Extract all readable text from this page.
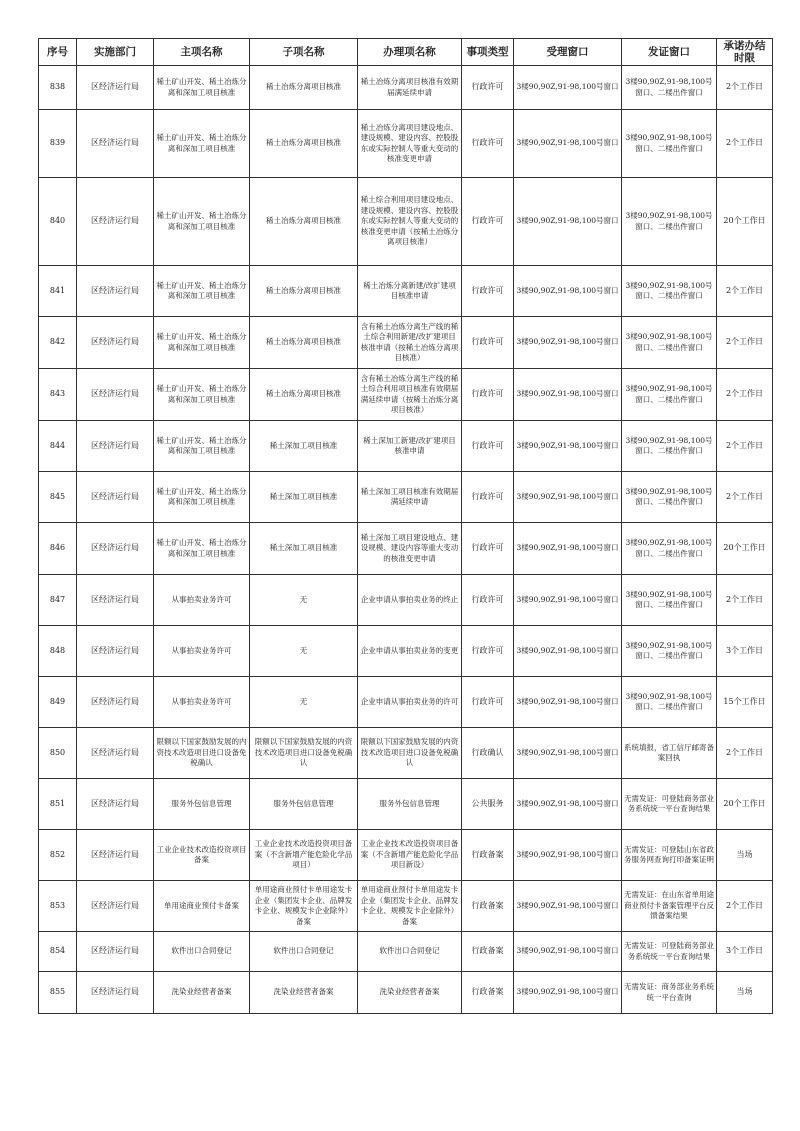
序号	实施部门	主项名称	子项名称	办理项名称	事项类型	受理窗口	发证窗口	承诺办结时限
838	区经济运行局	稀土矿山开发、稀土冶炼分离和深加工项目核准	稀土冶炼分离项目核准	稀土冶炼分离项目核准有效期届满延续申请	行政许可	3楼90,90Z,91-98,100号窗口	3楼90,90Z,91-98,100号窗口、二楼出件窗口	2个工作日
839	区经济运行局	稀土矿山开发、稀土冶炼分离和深加工项目核准	稀土冶炼分离项目核准	稀土冶炼分离项目建设地点、建设规模、建设内容、控股股东或实际控制人等重大变动的核准变更申请	行政许可	3楼90,90Z,91-98,100号窗口	3楼90,90Z,91-98,100号窗口、二楼出件窗口	2个工作日
840	区经济运行局	稀土矿山开发、稀土冶炼分离和深加工项目核准	稀土冶炼分离项目核准	稀土综合利用项目建设地点、建设规模、建设内容、控股股东或实际控制人等重大变动的核准变更申请（按稀土冶炼分离项目核准）	行政许可	3楼90,90Z,91-98,100号窗口	3楼90,90Z,91-98,100号窗口、二楼出件窗口	20个工作日
841	区经济运行局	稀土矿山开发、稀土冶炼分离和深加工项目核准	稀土冶炼分离项目核准	稀土冶炼分离新建/改扩建项目核准申请	行政许可	3楼90,90Z,91-98,100号窗口	3楼90,90Z,91-98,100号窗口、二楼出件窗口	2个工作日
842	区经济运行局	稀土矿山开发、稀土冶炼分离和深加工项目核准	稀土冶炼分离项目核准	含有稀土冶炼分离生产线的稀土综合利用新建/改扩建项目核准申请（按稀土冶炼分离项目核准）	行政许可	3楼90,90Z,91-98,100号窗口	3楼90,90Z,91-98,100号窗口、二楼出件窗口	2个工作日
843	区经济运行局	稀土矿山开发、稀土冶炼分离和深加工项目核准	稀土冶炼分离项目核准	含有稀土冶炼分离生产线的稀土综合利用项目核准有效期届满延续申请（按稀土冶炼分离项目核准）	行政许可	3楼90,90Z,91-98,100号窗口	3楼90,90Z,91-98,100号窗口、二楼出件窗口	2个工作日
844	区经济运行局	稀土矿山开发、稀土冶炼分离和深加工项目核准	稀土深加工项目核准	稀土深加工新建/改扩建项目核准申请	行政许可	3楼90,90Z,91-98,100号窗口	3楼90,90Z,91-98,100号窗口、二楼出件窗口	2个工作日
845	区经济运行局	稀土矿山开发、稀土冶炼分离和深加工项目核准	稀土深加工项目核准	稀土深加工项目核准有效期届满延续申请	行政许可	3楼90,90Z,91-98,100号窗口	3楼90,90Z,91-98,100号窗口、二楼出件窗口	2个工作日
846	区经济运行局	稀土矿山开发、稀土冶炼分离和深加工项目核准	稀土深加工项目核准	稀土深加工项目建设地点、建设规模、建设内容等重大变动的核准变更申请	行政许可	3楼90,90Z,91-98,100号窗口	3楼90,90Z,91-98,100号窗口、二楼出件窗口	20个工作日
847	区经济运行局	从事拍卖业务许可	无	企业申请从事拍卖业务的终止	行政许可	3楼90,90Z,91-98,100号窗口	3楼90,90Z,91-98,100号窗口、二楼出件窗口	2个工作日
848	区经济运行局	从事拍卖业务许可	无	企业申请从事拍卖业务的变更	行政许可	3楼90,90Z,91-98,100号窗口	3楼90,90Z,91-98,100号窗口、二楼出件窗口	3个工作日
849	区经济运行局	从事拍卖业务许可	无	企业申请从事拍卖业务的许可	行政许可	3楼90,90Z,91-98,100号窗口	3楼90,90Z,91-98,100号窗口、二楼出件窗口	15个工作日
850	区经济运行局	限额以下国家鼓励发展的内资技术改造项目进口设备免税确认	限额以下国家鼓励发展的内资技术改造项目进口设备免税确认	限额以下国家鼓励发展的内资技术改造项目进口设备免税确认	行政确认	3楼90,90Z,91-98,100号窗口	系统填报，省工信厅邮寄备案回执	2个工作日
851	区经济运行局	服务外包信息管理	服务外包信息管理	服务外包信息管理	公共服务	3楼90,90Z,91-98,100号窗口	无需发证：可登陆商务部业务系统统一平台查询结果	20个工作日
852	区经济运行局	工业企业技术改造投资项目备案	工业企业技术改造投资项目备案（不含新增产能危险化学品项目）	工业企业技术改造投资项目备案（不含新增产能危险化学品项目新设）	行政备案	3楼90,90Z,91-98,100号窗口	无需发证：可登陆山东省政务服务网查询打印备案证明	当场
853	区经济运行局	单用途商业预付卡备案	单用途商业预付卡单用途发卡企业（集团发卡企业、品牌发卡企业、规模发卡企业除外）备案	单用途商业预付卡单用途发卡企业（集团发卡企业、品牌发卡企业、规模发卡企业除外）备案	行政备案	3楼90,90Z,91-98,100号窗口	无需发证：在山东省单用途商业预付卡备案管理平台反馈备案结果	2个工作日
854	区经济运行局	软件出口合同登记	软件出口合同登记	软件出口合同登记	行政备案	3楼90,90Z,91-98,100号窗口	无需发证：可登陆商务部业务系统统一平台查询结果	3个工作日
855	区经济运行局	洗染业经营者备案	洗染业经营者备案	洗染业经营者备案	行政备案	3楼90,90Z,91-98,100号窗口	无需发证：商务部业务系统统一平台查询	当场
